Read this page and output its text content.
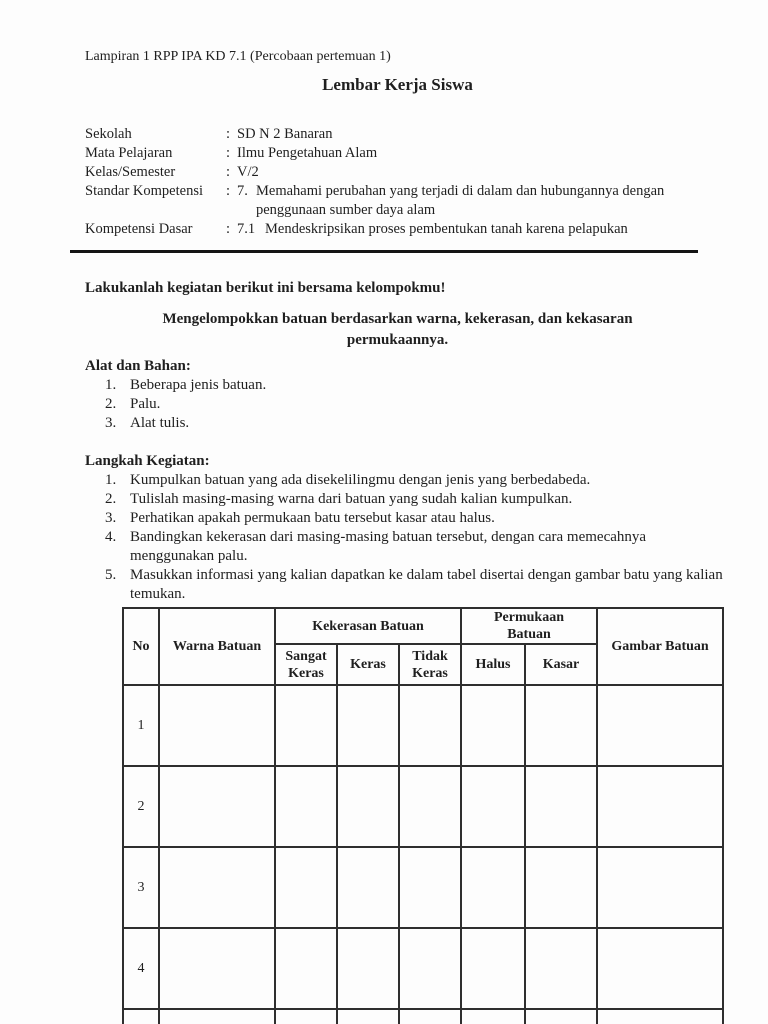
Lampiran 1 RPP IPA KD 7.1 (Percobaan pertemuan 1)
Lembar Kerja Siswa
Sekolah	: SD N 2 Banaran
Mata Pelajaran	: Ilmu Pengetahuan Alam
Kelas/Semester	: V/2
Standar Kompetensi	: 7. Memahami perubahan yang terjadi di dalam dan hubungannya dengan penggunaan sumber daya alam
Kompetensi Dasar	: 7.1 Mendeskripsikan proses pembentukan tanah karena pelapukan

Lakukanlah kegiatan berikut ini bersama kelompokmu!

Mengelompokkan batuan berdasarkan warna, kekerasan, dan kekasaran
permukaannya.
Alat dan Bahan:
1. Beberapa jenis batuan.
2. Palu.
3. Alat tulis.
Langkah Kegiatan:
1. Kumpulkan batuan yang ada disekelilingmu dengan jenis yang berbedabeda.
2. Tulislah masing-masing warna dari batuan yang sudah kalian kumpulkan.
3. Perhatikan apakah permukaan batu tersebut kasar atau halus.
4. Bandingkan kekerasan dari masing-masing batuan tersebut, dengan cara memecahnya menggunakan palu.
5. Masukkan informasi yang kalian dapatkan ke dalam tabel disertai dengan gambar batu yang kalian temukan.
No	Warna Batuan	Kekerasan Batuan			Permukaan Batuan		Gambar Batuan
		Sangat Keras	Keras	Tidak Keras	Halus	Kasar	
1							
2							
3							
4							
